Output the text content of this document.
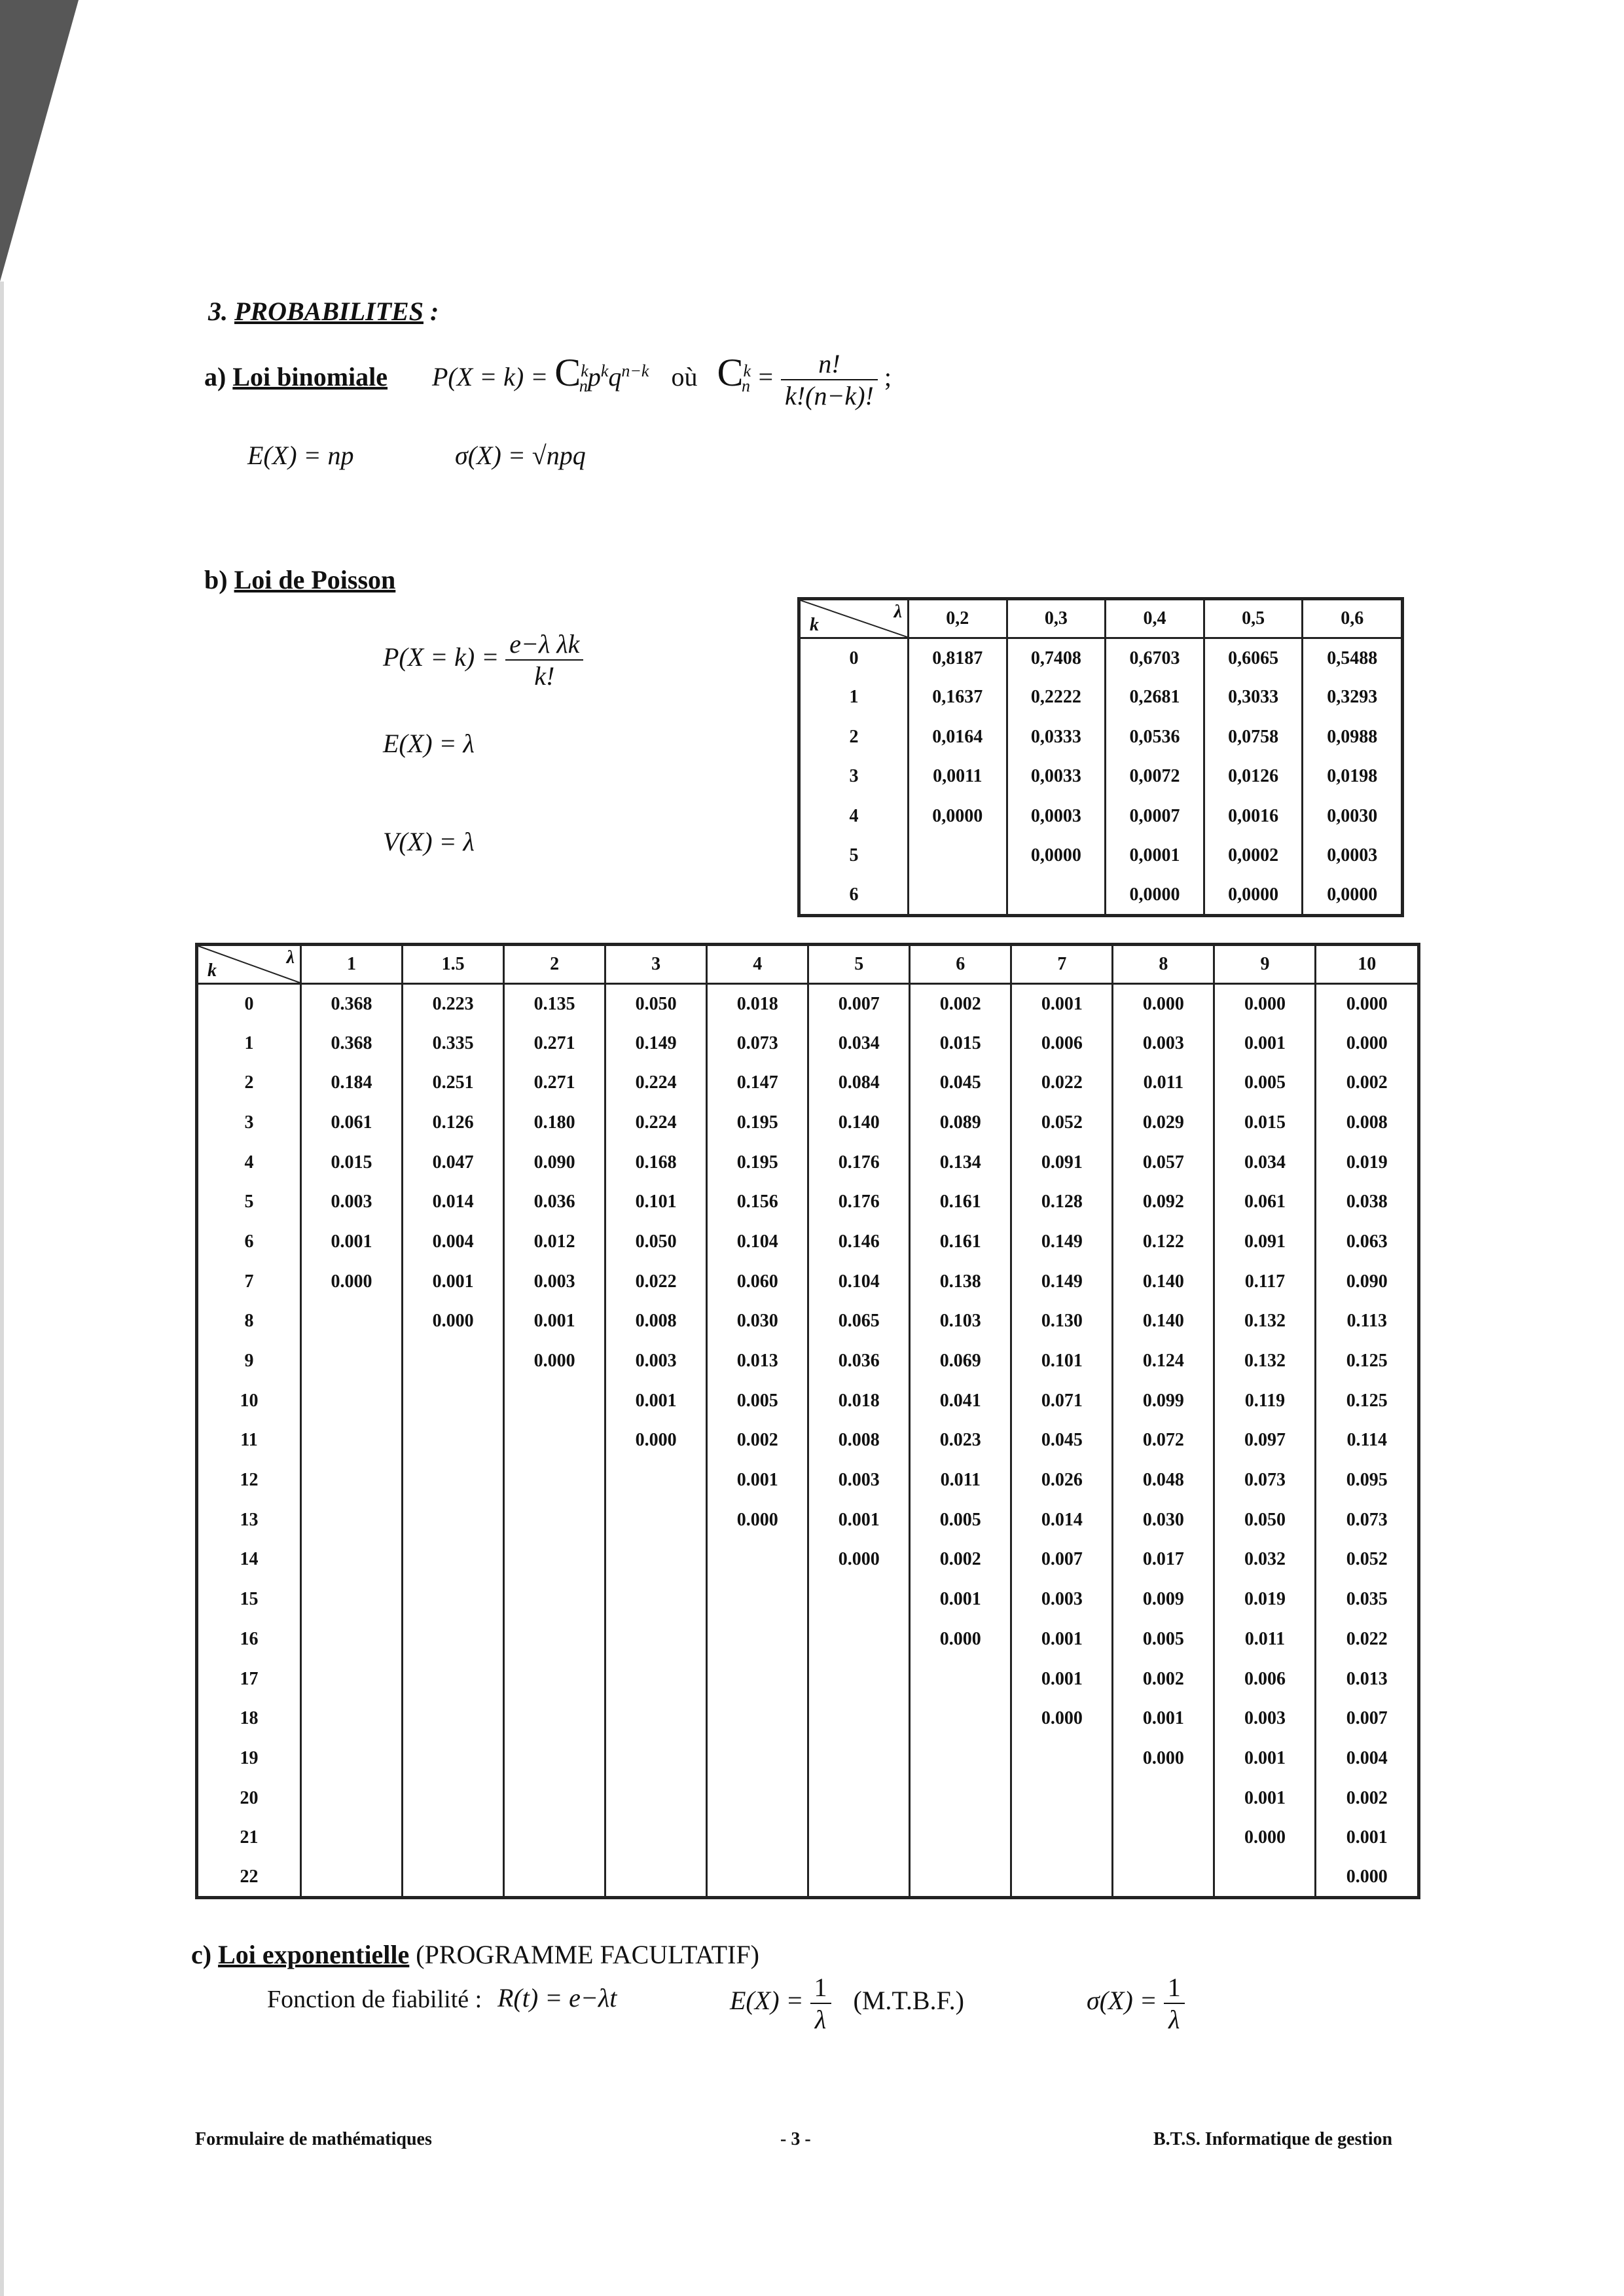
3. PROBABILITES :
a) Loi binomiale $P(X = k) = C^k_np^kq^{n-k}$ où $C^k_n = \frac{n!}{k!(n-k)!}$ ;
E(X) = np	σ(X) = √npq
b) Loi de Poisson
$P(X = k) = \frac{\text{e−λ λk}}{k!}$
E(X) = λ
V(X) = λ
λ
k	0,2	0,3	0,4	0,5	0,6
0	0,8187	0,7408	0,6703	0,6065	0,5488
1	0,1637	0,2222	0,2681	0,3033	0,3293
2	0,0164	0,0333	0,0536	0,0758	0,0988
3	0,0011	0,0033	0,0072	0,0126	0,0198
4	0,0000	0,0003	0,0007	0,0016	0,0030
5		0,0000	0,0001	0,0002	0,0003
6			0,0000	0,0000	0,0000
λ
k	1	1.5	2	3	4	5	6	7	8	9	10
0	0.368	0.223	0.135	0.050	0.018	0.007	0.002	0.001	0.000	0.000	0.000
1	0.368	0.335	0.271	0.149	0.073	0.034	0.015	0.006	0.003	0.001	0.000
2	0.184	0.251	0.271	0.224	0.147	0.084	0.045	0.022	0.011	0.005	0.002
3	0.061	0.126	0.180	0.224	0.195	0.140	0.089	0.052	0.029	0.015	0.008
4	0.015	0.047	0.090	0.168	0.195	0.176	0.134	0.091	0.057	0.034	0.019
5	0.003	0.014	0.036	0.101	0.156	0.176	0.161	0.128	0.092	0.061	0.038
6	0.001	0.004	0.012	0.050	0.104	0.146	0.161	0.149	0.122	0.091	0.063
7	0.000	0.001	0.003	0.022	0.060	0.104	0.138	0.149	0.140	0.117	0.090
8		0.000	0.001	0.008	0.030	0.065	0.103	0.130	0.140	0.132	0.113
9			0.000	0.003	0.013	0.036	0.069	0.101	0.124	0.132	0.125
10				0.001	0.005	0.018	0.041	0.071	0.099	0.119	0.125
11				0.000	0.002	0.008	0.023	0.045	0.072	0.097	0.114
12					0.001	0.003	0.011	0.026	0.048	0.073	0.095
13					0.000	0.001	0.005	0.014	0.030	0.050	0.073
14						0.000	0.002	0.007	0.017	0.032	0.052
15							0.001	0.003	0.009	0.019	0.035
16							0.000	0.001	0.005	0.011	0.022
17								0.001	0.002	0.006	0.013
18								0.000	0.001	0.003	0.007
19									0.000	0.001	0.004
20										0.001	0.002
21										0.000	0.001
22											0.000
c) Loi exponentielle (PROGRAMME FACULTATIF)
Fonction de fiabilité : R(t) = e−λt	$E(X) = \frac{1}{\lambda} (M.T.B.F.)$	$\sigma(X) = \frac{1}{\lambda}$
Formulaire de mathématiques	- 3 -	B.T.S. Informatique de gestion
